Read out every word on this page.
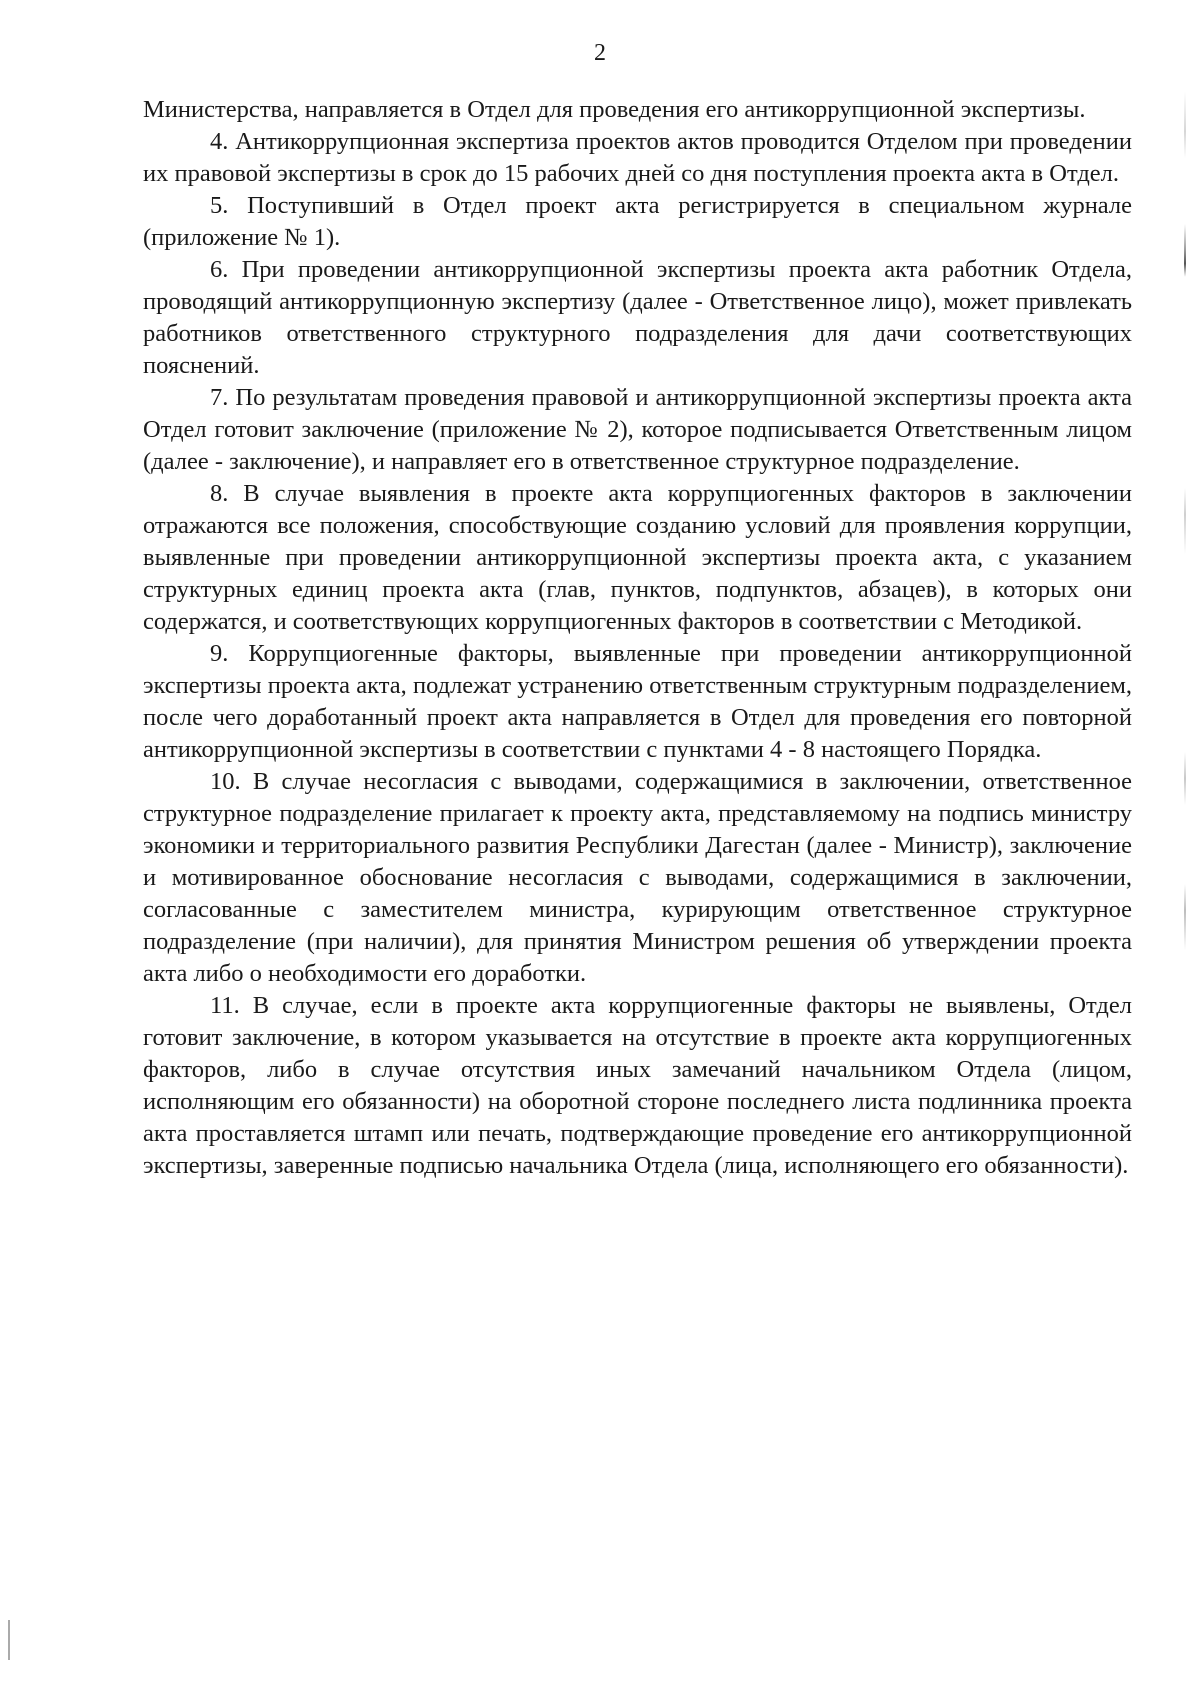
2

Министерства, направляется в Отдел для проведения его антикоррупционной экспертизы.

4. Антикоррупционная экспертиза проектов актов проводится Отделом при проведении их правовой экспертизы в срок до 15 рабочих дней со дня поступления проекта акта в Отдел.

5. Поступивший в Отдел проект акта регистрируется в специальном журнале (приложение № 1).

6. При проведении антикоррупционной экспертизы проекта акта работник Отдела, проводящий антикоррупционную экспертизу (далее - Ответственное лицо), может привлекать работников ответственного структурного подразделения для дачи соответствующих пояснений.

7. По результатам проведения правовой и антикоррупционной экспертизы проекта акта Отдел готовит заключение (приложение № 2), которое подписывается Ответственным лицом (далее - заключение), и направляет его в ответственное структурное подразделение.

8. В случае выявления в проекте акта коррупциогенных факторов в заключении отражаются все положения, способствующие созданию условий для проявления коррупции, выявленные при проведении антикоррупционной экспертизы проекта акта, с указанием структурных единиц проекта акта (глав, пунктов, подпунктов, абзацев), в которых они содержатся, и соответствующих коррупциогенных факторов в соответствии с Методикой.

9. Коррупциогенные факторы, выявленные при проведении антикоррупционной экспертизы проекта акта, подлежат устранению ответственным структурным подразделением, после чего доработанный проект акта направляется в Отдел для проведения его повторной антикоррупционной экспертизы в соответствии с пунктами 4 - 8 настоящего Порядка.

10. В случае несогласия с выводами, содержащимися в заключении, ответственное структурное подразделение прилагает к проекту акта, представляемому на подпись министру экономики и территориального развития Республики Дагестан (далее - Министр), заключение и мотивированное обоснование несогласия с выводами, содержащимися в заключении, согласованные с заместителем министра, курирующим ответственное структурное подразделение (при наличии), для принятия Министром решения об утверждении проекта акта либо о необходимости его доработки.

11. В случае, если в проекте акта коррупциогенные факторы не выявлены, Отдел готовит заключение, в котором указывается на отсутствие в проекте акта коррупциогенных факторов, либо в случае отсутствия иных замечаний начальником Отдела (лицом, исполняющим его обязанности) на оборотной стороне последнего листа подлинника проекта акта проставляется штамп или печать, подтверждающие проведение его антикоррупционной экспертизы, заверенные подписью начальника Отдела (лица, исполняющего его обязанности).
